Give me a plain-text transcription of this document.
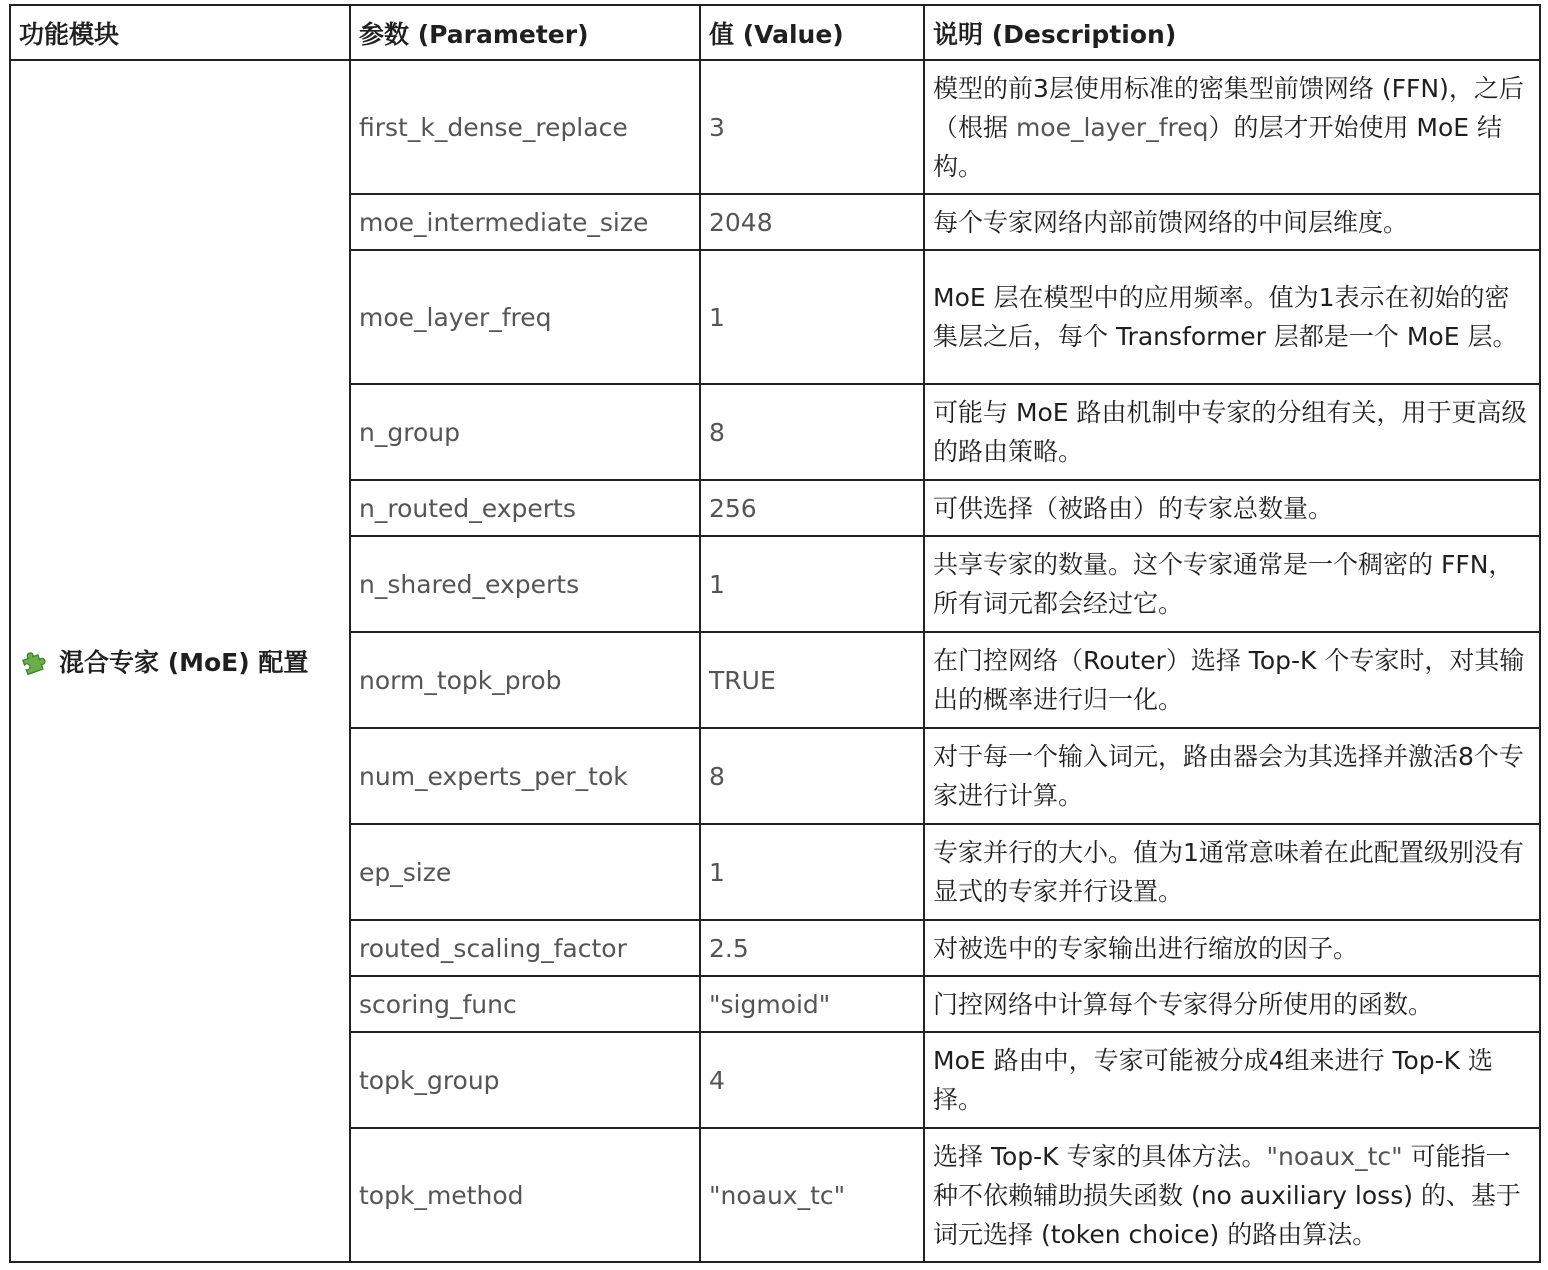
功能模块	参数 (Parameter)	值 (Value)	说明 (Description)
混合专家 (MoE) 配置	first_k_dense_replace	3	模型的前3层使用标准的密集型前馈网络 (FFN)，之后（根据 moe_layer_freq）的层才开始使用 MoE 结构。
	moe_intermediate_size	2048	每个专家网络内部前馈网络的中间层维度。
	moe_layer_freq	1	MoE 层在模型中的应用频率。值为1表示在初始的密集层之后，每个 Transformer 层都是一个 MoE 层。
	n_group	8	可能与 MoE 路由机制中专家的分组有关，用于更高级的路由策略。
	n_routed_experts	256	可供选择（被路由）的专家总数量。
	n_shared_experts	1	共享专家的数量。这个专家通常是一个稠密的 FFN，所有词元都会经过它。
	norm_topk_prob	TRUE	在门控网络（Router）选择 Top-K 个专家时，对其输出的概率进行归一化。
	num_experts_per_tok	8	对于每一个输入词元，路由器会为其选择并激活8个专家进行计算。
	ep_size	1	专家并行的大小。值为1通常意味着在此配置级别没有显式的专家并行设置。
	routed_scaling_factor	2.5	对被选中的专家输出进行缩放的因子。
	scoring_func	"sigmoid"	门控网络中计算每个专家得分所使用的函数。
	topk_group	4	MoE 路由中，专家可能被分成4组来进行 Top-K 选择。
	topk_method	"noaux_tc"	选择 Top-K 专家的具体方法。"noaux_tc" 可能指一种不依赖辅助损失函数 (no auxiliary loss) 的、基于词元选择 (token choice) 的路由算法。
